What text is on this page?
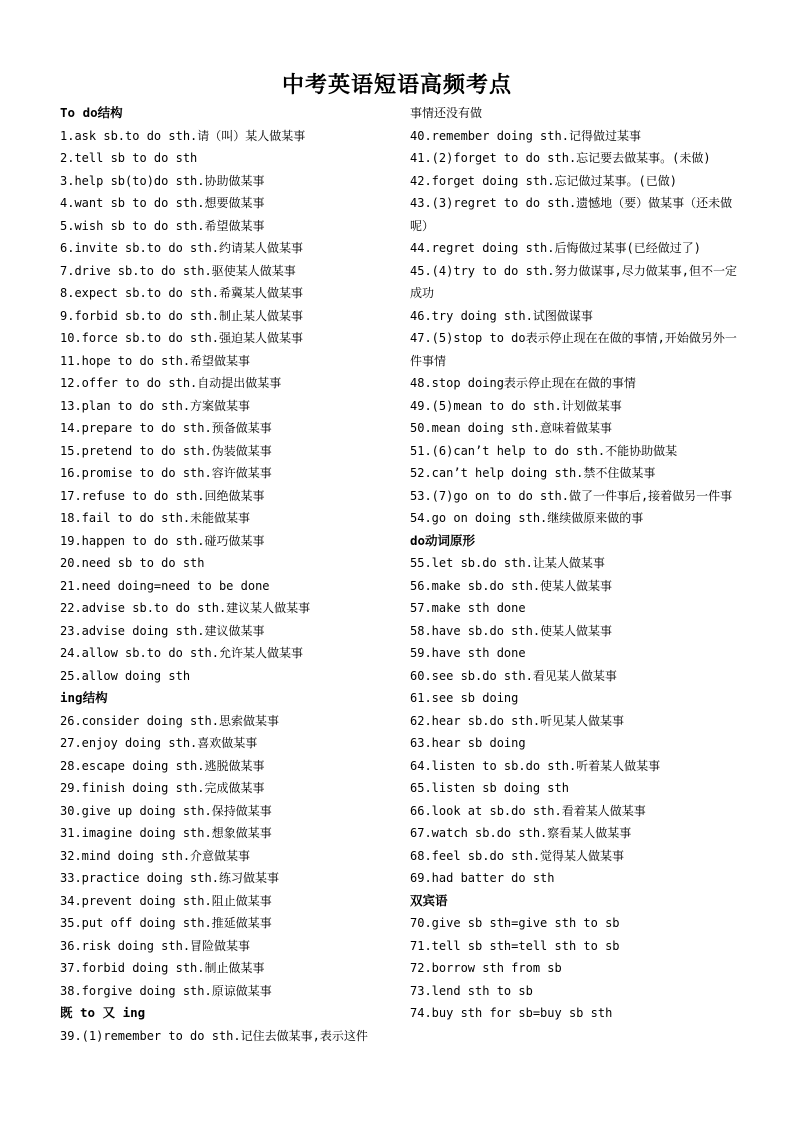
中考英语短语高频考点
To do结构
1.ask sb.to do sth.请（叫）某人做某事
2.tell sb to do sth
3.help sb(to)do sth.协助做某事
4.want sb to do sth.想要做某事
5.wish sb to do sth.希望做某事
6.invite sb.to do sth.约请某人做某事
7.drive sb.to do sth.驱使某人做某事
8.expect sb.to do sth.希冀某人做某事
9.forbid sb.to do sth.制止某人做某事
10.force sb.to do sth.强迫某人做某事
11.hope to do sth.希望做某事
12.offer to do sth.自动提出做某事
13.plan to do sth.方案做某事
14.prepare to do sth.预备做某事
15.pretend to do sth.伪装做某事
16.promise to do sth.容许做某事
17.refuse to do sth.回绝做某事
18.fail to do sth.未能做某事
19.happen to do sth.碰巧做某事
20.need sb to do sth
21.need doing=need to be done
22.advise sb.to do sth.建议某人做某事
23.advise doing sth.建议做某事
24.allow sb.to do sth.允许某人做某事
25.allow doing sth
ing结构
26.consider doing sth.思索做某事
27.enjoy doing sth.喜欢做某事
28.escape doing sth.逃脱做某事
29.finish doing sth.完成做某事
30.give up doing sth.保持做某事
31.imagine doing sth.想象做某事
32.mind doing sth.介意做某事
33.practice doing sth.练习做某事
34.prevent doing sth.阻止做某事
35.put off doing sth.推延做某事
36.risk doing sth.冒险做某事
37.forbid doing sth.制止做某事
38.forgive doing sth.原谅做某事
既 to 又 ing
39.(1)remember to do sth.记住去做某事,表示这件
事情还没有做
40.remember doing sth.记得做过某事
41.(2)forget to do sth.忘记要去做某事。(未做)
42.forget doing sth.忘记做过某事。(已做)
43.(3)regret to do sth.遗憾地（要）做某事（还未做呢）
44.regret doing sth.后悔做过某事(已经做过了)
45.(4)try to do sth.努力做谋事,尽力做某事,但不一定成功
46.try doing sth.试图做谋事
47.(5)stop to do表示停止现在在做的事情,开始做另外一件事情
48.stop doing表示停止现在在做的事情
49.(5)mean to do sth.计划做某事
50.mean doing sth.意味着做某事
51.(6)can’t help to do sth.不能协助做某
52.can’t help doing sth.禁不住做某事
53.(7)go on to do sth.做了一件事后,接着做另一件事
54.go on doing sth.继续做原来做的事
do动词原形
55.let sb.do sth.让某人做某事
56.make sb.do sth.使某人做某事
57.make sth done
58.have sb.do sth.使某人做某事
59.have sth done
60.see sb.do sth.看见某人做某事
61.see sb doing
62.hear sb.do sth.听见某人做某事
63.hear sb doing
64.listen to sb.do sth.听着某人做某事
65.listen sb doing sth
66.look at sb.do sth.看着某人做某事
67.watch sb.do sth.察看某人做某事
68.feel sb.do sth.觉得某人做某事
69.had batter do sth
双宾语
70.give sb sth=give sth to sb
71.tell sb sth=tell sth to sb
72.borrow sth from sb
73.lend sth to sb
74.buy sth for sb=buy sb sth
